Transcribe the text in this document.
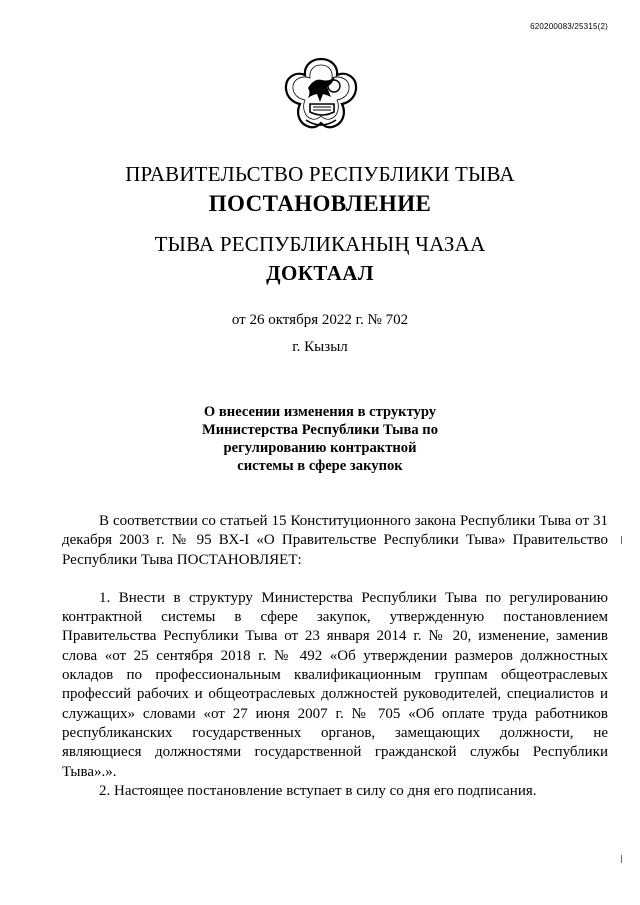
620200083/25315(2)
ПРАВИТЕЛЬСТВО РЕСПУБЛИКИ ТЫВА
ПОСТАНОВЛЕНИЕ
ТЫВА РЕСПУБЛИКАНЫҢ ЧАЗАА
ДОКТААЛ
от 26 октября 2022 г. № 702
г. Кызыл
О внесении изменения в структуру
Министерства Республики Тыва по
регулированию контрактной
системы в сфере закупок

В соответствии со статьей 15 Конституционного закона Республики Тыва от 31 декабря 2003 г. № 95 ВХ-I «О Правительстве Республики Тыва» Правительство Республики Тыва ПОСТАНОВЛЯЕТ:

1. Внести в структуру Министерства Республики Тыва по регулированию контрактной системы в сфере закупок, утвержденную постановлением Правительства Республики Тыва от 23 января 2014 г. № 20, изменение, заменив слова «от 25 сентября 2018 г. № 492 «Об утверждении размеров должностных окладов по профессиональным квалификационным группам общеотраслевых профессий рабочих и общеотраслевых должностей руководителей, специалистов и служащих» словами «от 27 июня 2007 г. № 705 «Об оплате труда работников республиканских государственных органов, замещающих должности, не являющиеся должностями государственной гражданской службы Республики Тыва».».

2. Настоящее постановление вступает в силу со дня его подписания.
